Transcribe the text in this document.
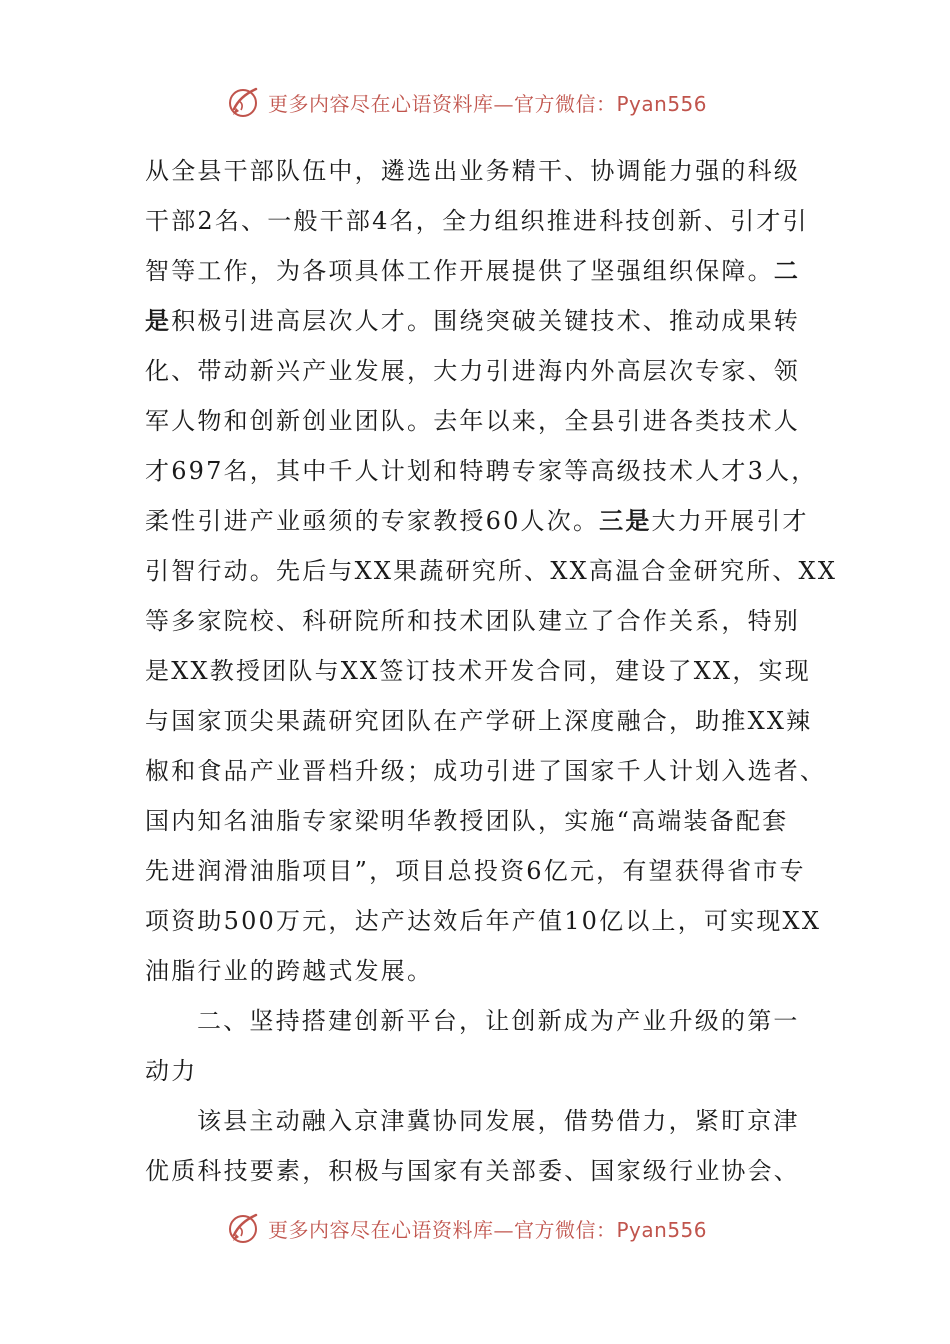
更多内容尽在心语资料库—官方微信：Pyan556
从全县干部队伍中，遴选出业务精干、协调能力强的科级
干部2名、一般干部4名，全力组织推进科技创新、引才引
智等工作，为各项具体工作开展提供了坚强组织保障。二
是积极引进高层次人才。围绕突破关键技术、推动成果转
化、带动新兴产业发展，大力引进海内外高层次专家、领
军人物和创新创业团队。去年以来，全县引进各类技术人
才697名，其中千人计划和特聘专家等高级技术人才3人，
柔性引进产业亟须的专家教授60人次。三是大力开展引才
引智行动。先后与XX果蔬研究所、XX高温合金研究所、XX
等多家院校、科研院所和技术团队建立了合作关系，特别
是XX教授团队与XX签订技术开发合同，建设了XX，实现
与国家顶尖果蔬研究团队在产学研上深度融合，助推XX辣
椒和食品产业晋档升级；成功引进了国家千人计划入选者、
国内知名油脂专家梁明华教授团队，实施“高端装备配套
先进润滑油脂项目”，项目总投资6亿元，有望获得省市专
项资助500万元，达产达效后年产值10亿以上，可实现XX
油脂行业的跨越式发展。
二、坚持搭建创新平台，让创新成为产业升级的第一
动力
该县主动融入京津冀协同发展，借势借力，紧盯京津
优质科技要素，积极与国家有关部委、国家级行业协会、
更多内容尽在心语资料库—官方微信：Pyan556
